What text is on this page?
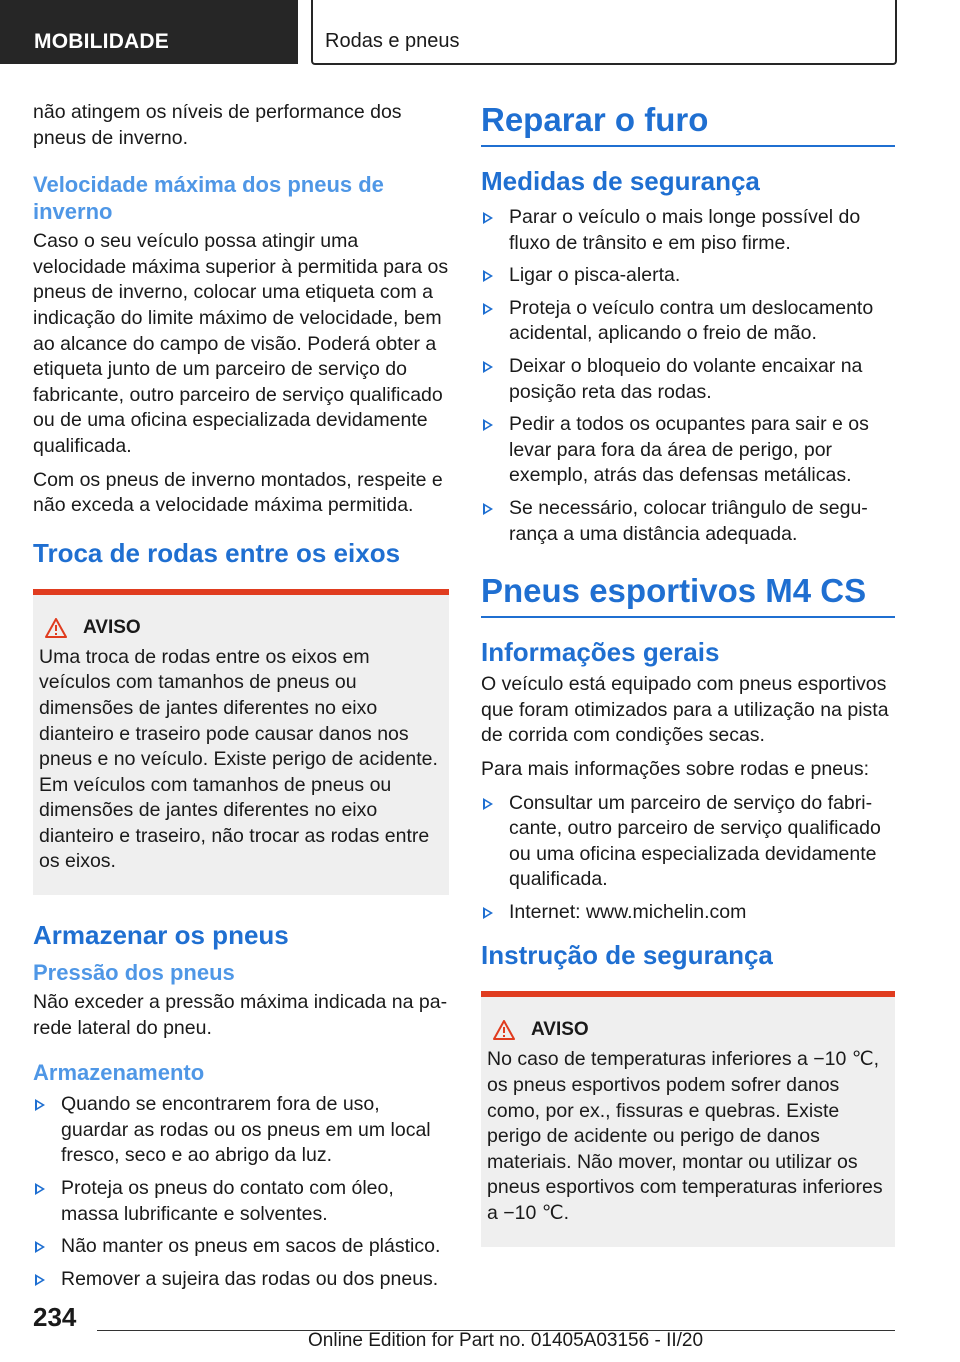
MOBILIDADE	Rodas e pneus

não atingem os níveis de performance dos pneus de inverno.

Velocidade máxima dos pneus de inverno

Caso o seu veículo possa atingir uma velocidade máxima superior à permitida para os pneus de inverno, colocar uma etiqueta com a indicação do limite máximo de velocidade, bem ao alcance do campo de visão. Poderá obter a etiqueta junto de um parceiro de serviço do fabricante, outro parceiro de serviço qualificado ou de uma oficina especializada devidamente qualificada.

Com os pneus de inverno montados, respeite e não exceda a velocidade máxima permitida.

Troca de rodas entre os eixos
AVISO

Uma troca de rodas entre os eixos em veículos com tamanhos de pneus ou dimensões de jantes diferentes no eixo dianteiro e traseiro pode causar danos nos pneus e no veículo. Existe perigo de acidente. Em veículos com tamanhos de pneus ou dimensões de jantes diferentes no eixo dianteiro e traseiro, não trocar as rodas entre os eixos.

Armazenar os pneus
Pressão dos pneus

Não exceder a pressão máxima indicada na parede lateral do pneu.

Armazenamento
Quando se encontrarem fora de uso, guardar as rodas ou os pneus em um local fresco, seco e ao abrigo da luz.
Proteja os pneus do contato com óleo, massa lubrificante e solventes.
Não manter os pneus em sacos de plástico.
Remover a sujeira das rodas ou dos pneus.
Reparar o furo
Medidas de segurança
Parar o veículo o mais longe possível do fluxo de trânsito e em piso firme.
Ligar o pisca-alerta.
Proteja o veículo contra um deslocamento acidental, aplicando o freio de mão.
Deixar o bloqueio do volante encaixar na posição reta das rodas.
Pedir a todos os ocupantes para sair e os levar para fora da área de perigo, por exemplo, atrás das defensas metálicas.
Se necessário, colocar triângulo de segurança a uma distância adequada.
Pneus esportivos M4 CS
Informações gerais

O veículo está equipado com pneus esportivos que foram otimizados para a utilização na pista de corrida com condições secas.

Para mais informações sobre rodas e pneus:

Consultar um parceiro de serviço do fabricante, outro parceiro de serviço qualificado ou uma oficina especializada devidamente qualificada.
Internet: www.michelin.com
Instrução de segurança
AVISO

No caso de temperaturas inferiores a −10 ℃, os pneus esportivos podem sofrer danos como, por ex., fissuras e quebras. Existe perigo de acidente ou perigo de danos materiais. Não mover, montar ou utilizar os pneus esportivos com temperaturas inferiores a −10 ℃.

234
Online Edition for Part no. 01405A03156 - II/20
